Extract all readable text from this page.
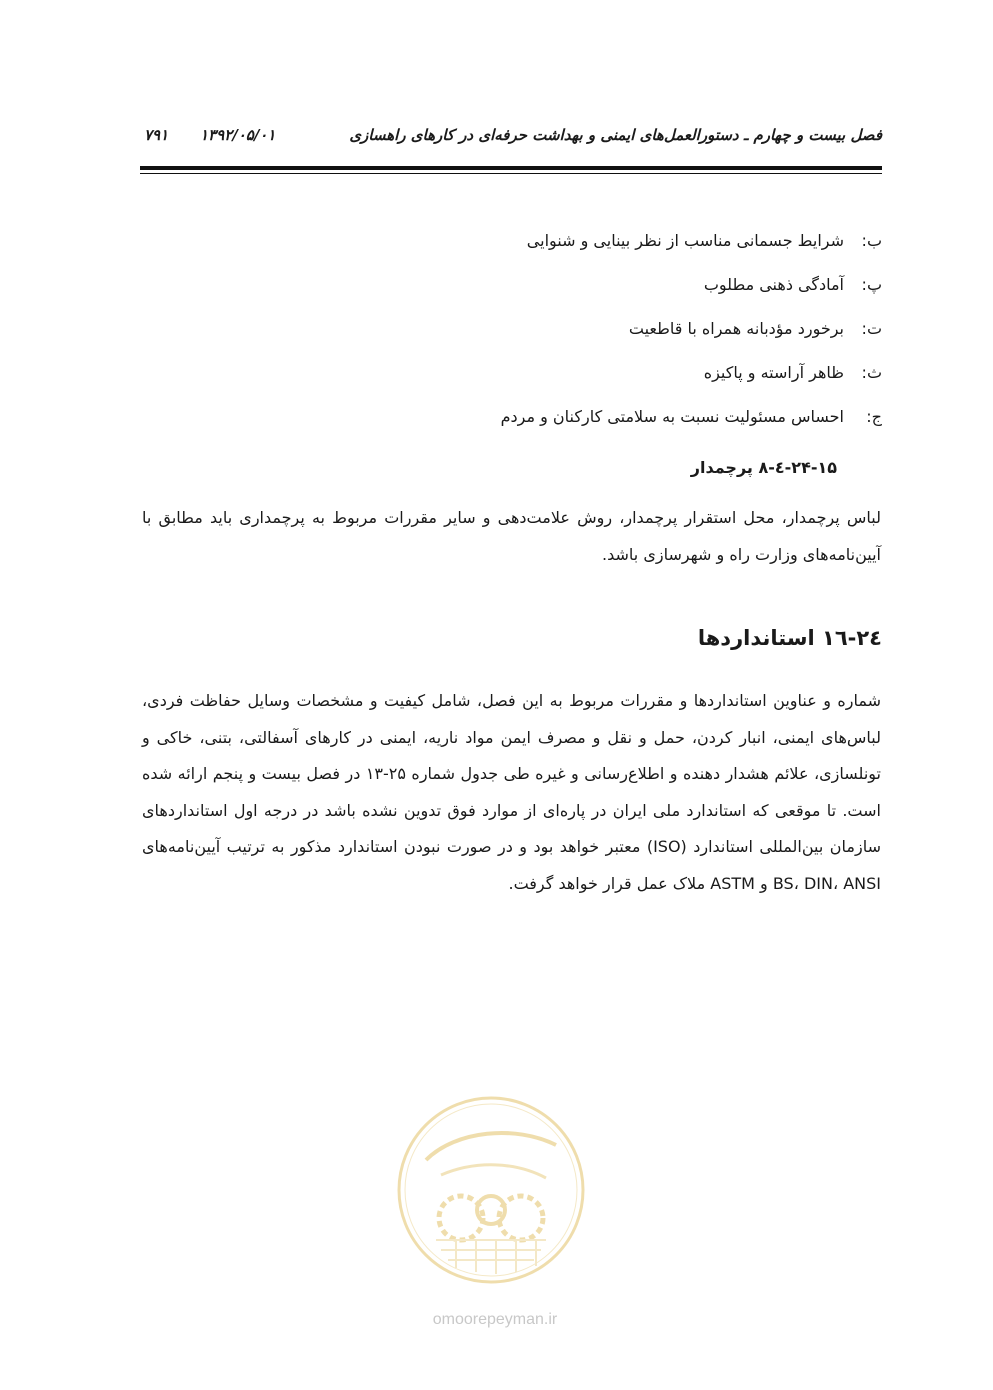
فصل بیست و چهارم ـ دستورالعمل‌های ایمنی و بهداشت حرفه‌ای در کارهای راهسازی
۱۳۹۲/۰۵/۰۱
۷۹۱
ب:
شرایط جسمانی مناسب از نظر بینایی و شنوایی
پ:
آمادگی ذهنی مطلوب
ت:
برخورد مؤدبانه همراه با قاطعیت
ث:
ظاهر آراسته و پاکیزه
ج:
احساس مسئولیت نسبت به سلامتی کارکنان و مردم
۲۴-۱۵-٤-۸ پرچمدار
لباس پرچمدار، محل استقرار پرچمدار، روش علامت‌دهی و سایر مقررات مربوط به پرچمداری باید مطابق با آیین‌نامه‌های وزارت راه و شهرسازی باشد.
۲٤-۱٦ استانداردها
شماره و عناوین استانداردها و مقررات مربوط به این فصل، شامل کیفیت و مشخصات وسایل حفاظت فردی، لباس‌های ایمنی، انبار کردن، حمل و نقل و مصرف ایمن مواد ناریه، ایمنی در کارهای آسفالتی، بتنی، خاکی و تونلسازی، علائم هشدار دهنده و اطلاع‌رسانی و غیره طی جدول شماره ۲۵-۱۳ در فصل بیست و پنجم ارائه شده است. تا موقعی که استاندارد ملی ایران در پاره‌ای از موارد فوق تدوین نشده باشد در درجه اول استانداردهای سازمان بین‌المللی استاندارد (ISO) معتبر خواهد بود و در صورت نبودن استاندارد مذکور به ترتیب آیین‌نامه‌های BS، DIN، ANSI و ASTM ملاک عمل قرار خواهد گرفت.
omoorepeyman.ir
